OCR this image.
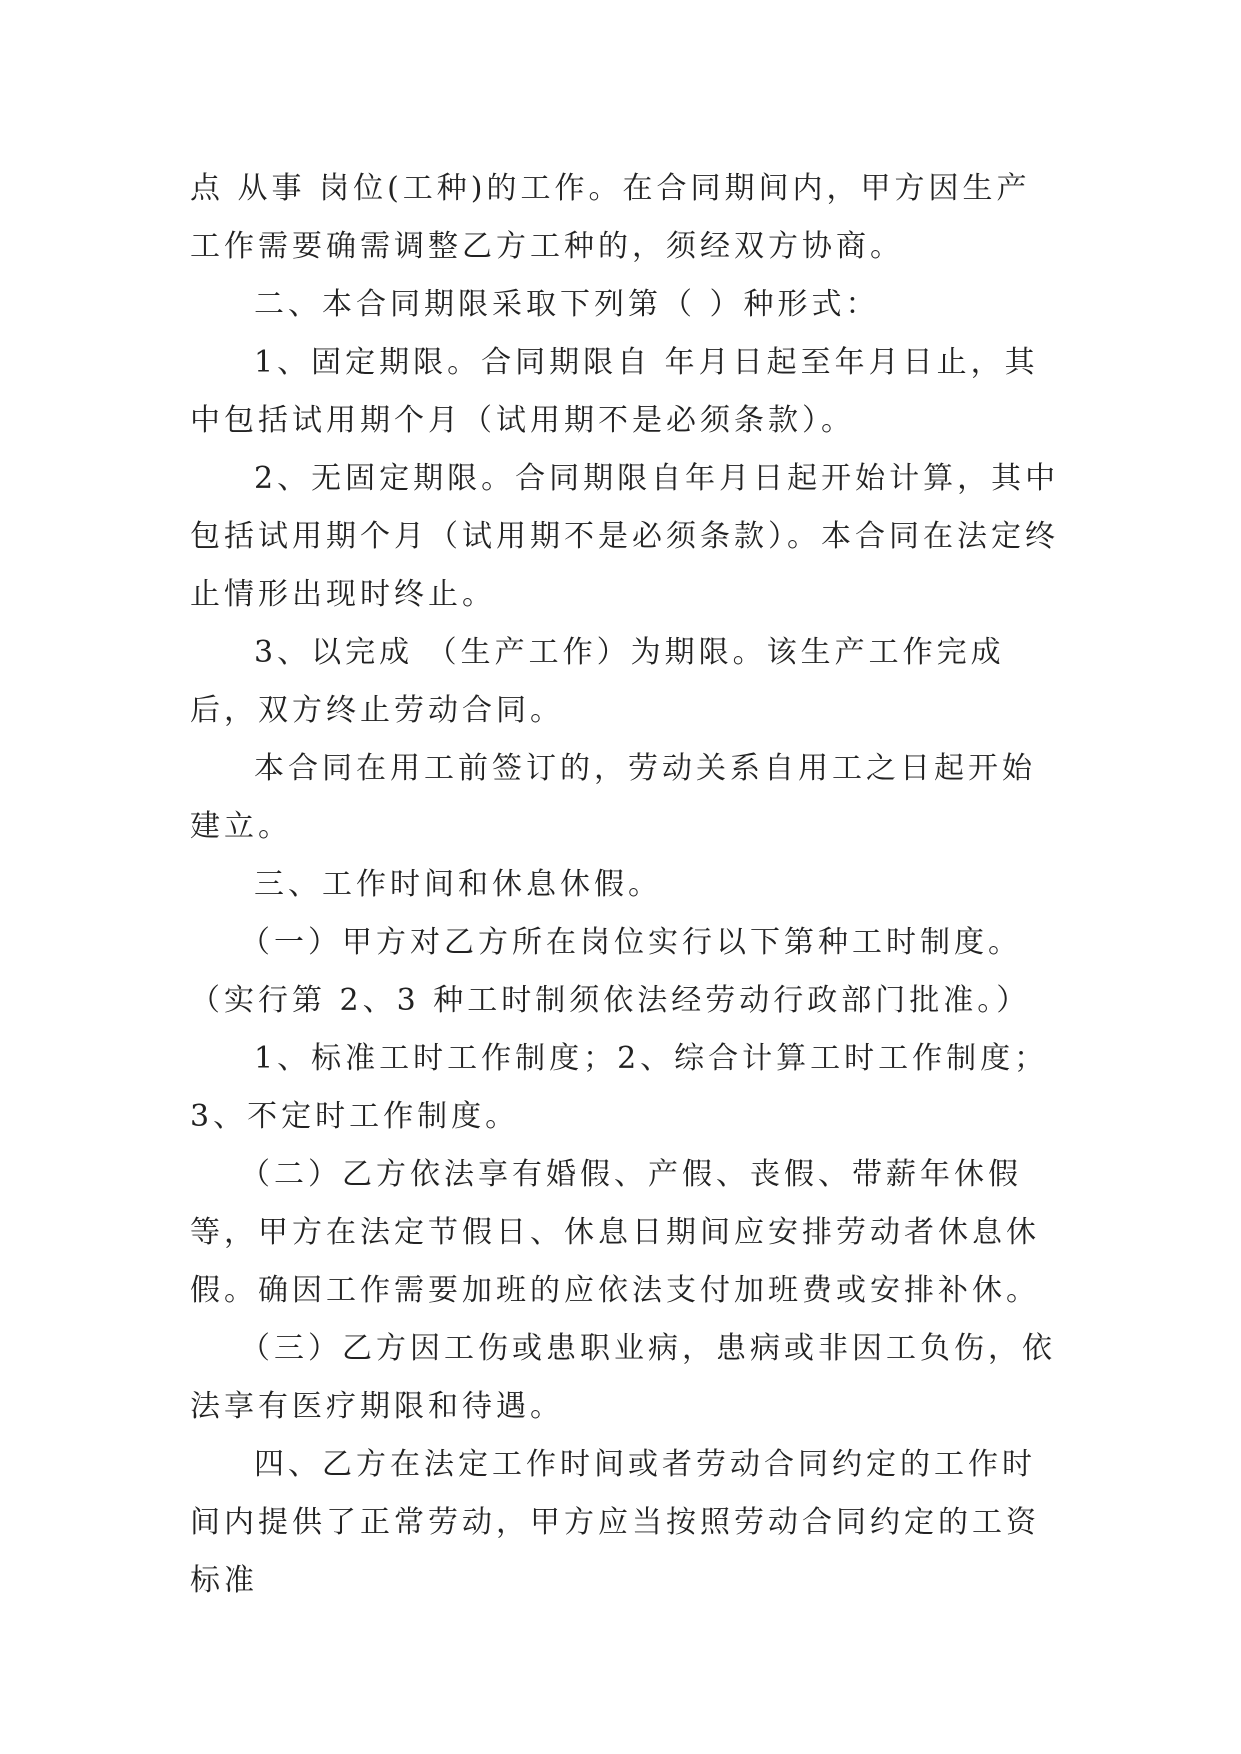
点 从事 岗位(工种)的工作。在合同期间内，甲方因生产工作需要确需调整乙方工种的，须经双方协商。

二、本合同期限采取下列第（ ）种形式：

1、固定期限。合同期限自 年月日起至年月日止，其中包括试用期个月（试用期不是必须条款）。

2、无固定期限。合同期限自年月日起开始计算，其中包括试用期个月（试用期不是必须条款）。本合同在法定终止情形出现时终止。

3、以完成 （生产工作）为期限。该生产工作完成后，双方终止劳动合同。

本合同在用工前签订的，劳动关系自用工之日起开始建立。

三、工作时间和休息休假。

（一）甲方对乙方所在岗位实行以下第种工时制度。（实行第 2、3 种工时制须依法经劳动行政部门批准。）

1、标准工时工作制度；2、综合计算工时工作制度；3、不定时工作制度。

（二）乙方依法享有婚假、产假、丧假、带薪年休假等，甲方在法定节假日、休息日期间应安排劳动者休息休假。确因工作需要加班的应依法支付加班费或安排补休。

（三）乙方因工伤或患职业病，患病或非因工负伤，依法享有医疗期限和待遇。

四、乙方在法定工作时间或者劳动合同约定的工作时间内提供了正常劳动，甲方应当按照劳动合同约定的工资标准
